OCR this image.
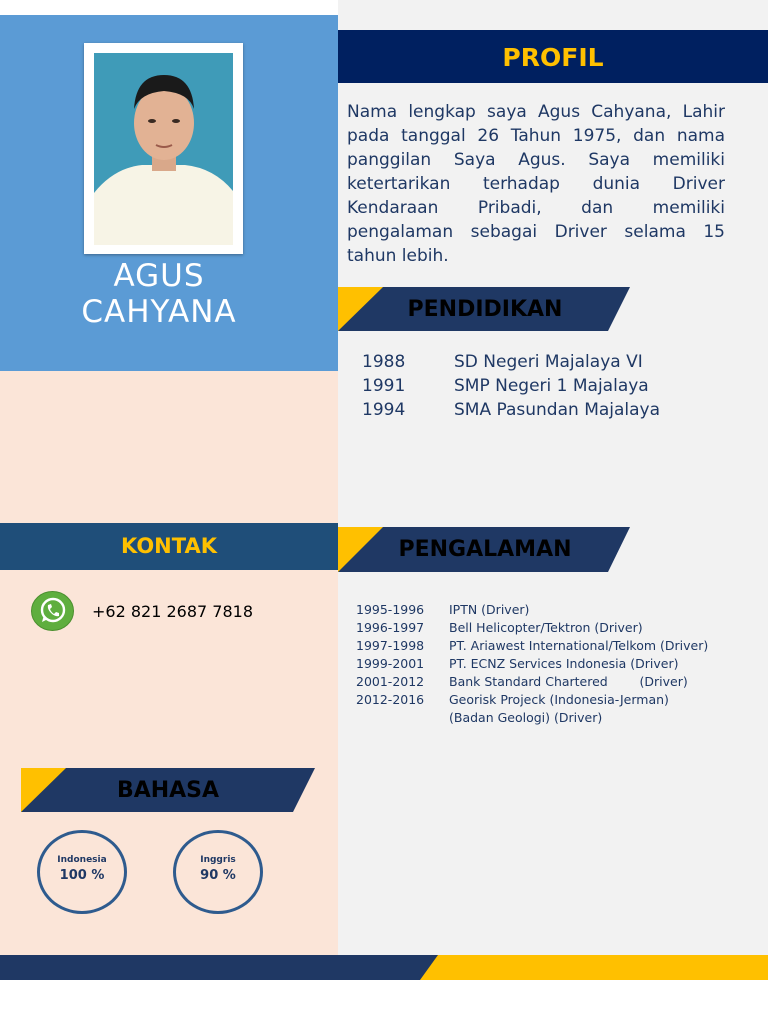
AGUS
CAHYANA
PROFIL
Nama lengkap saya Agus Cahyana, Lahir pada tanggal 26 Tahun 1975, dan nama panggilan Saya Agus. Saya memiliki ketertarikan terhadap dunia Driver Kendaraan Pribadi, dan memiliki pengalaman sebagai Driver selama 15 tahun lebih.
PENDIDIKAN
1988	SD Negeri Majalaya VI
1991	SMP Negeri 1 Majalaya
1994	SMA Pasundan Majalaya
KONTAK
+62 821 2687 7818
PENGALAMAN
1995-1996 IPTN (Driver)
1996-1997 Bell Helicopter/Tektron (Driver)
1997-1998 PT. Ariawest International/Telkom (Driver)
1999-2001 PT. ECNZ Services Indonesia (Driver)
2001-2012 Bank Standard Chartered        (Driver)
2012-2016 Georisk Projeck (Indonesia-Jerman)
(Badan Geologi) (Driver)
BAHASA
Indonesia
100 %
Inggris
90 %
